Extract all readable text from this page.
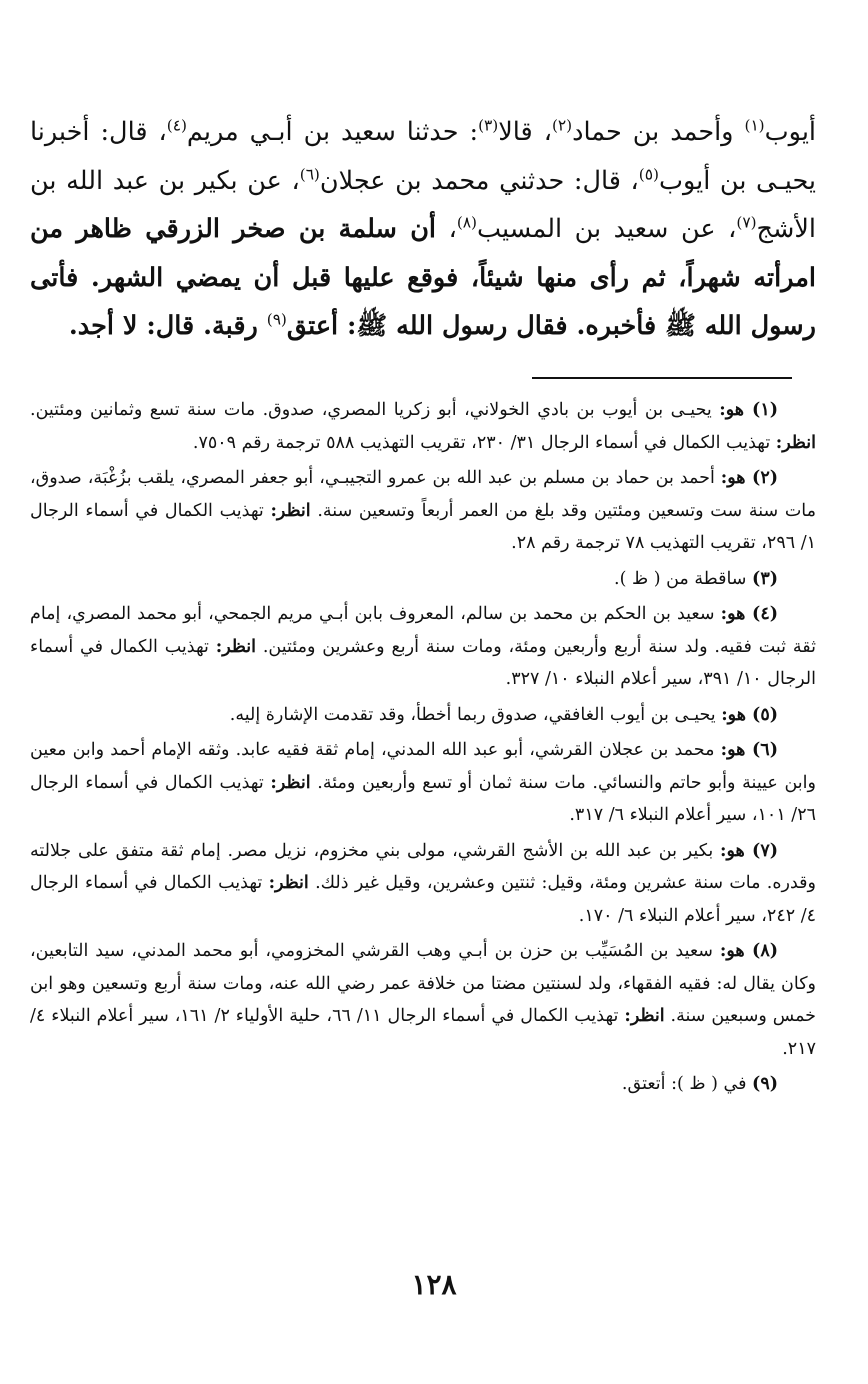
أيوب$^{(١)}$ وأحمد بن حماد$^{(٢)}$، قالا$^{(٣)}$: حدثنا سعيد بن أبـي مريم$^{(٤)}$، قال: أخبرنا يحيـى بن أيوب$^{(٥)}$، قال: حدثني محمد بن عجلان$^{(٦)}$، عن بكير بن عبد الله بن الأشج$^{(٧)}$، عن سعيد بن المسيب$^{(٨)}$، أن سلمة بن صخر الزرقي ظاهر من امرأته شهراً، ثم رأى منها شيئاً، فوقع عليها قبل أن يمضي الشهر. فأتى رسول الله ﷺ فأخبره. فقال رسول الله ﷺ: أعتق$^{(٩)}$ رقبة. قال: لا أجد.

(١) هو: يحيـى بن أيوب بن بادي الخولاني، أبو زكريا المصري، صدوق. مات سنة تسع وثمانين ومئتين. انظر: تهذيب الكمال في أسماء الرجال ٣١/ ٢٣٠، تقريب التهذيب ٥٨٨ ترجمة رقم ٧٥٠٩.

(٢) هو: أحمد بن حماد بن مسلم بن عبد الله بن عمرو التجيبـي، أبو جعفر المصري، يلقب بزُغْبَة، صدوق، مات سنة ست وتسعين ومئتين وقد بلغ من العمر أربعاً وتسعين سنة. انظر: تهذيب الكمال في أسماء الرجال ١/ ٢٩٦، تقريب التهذيب ٧٨ ترجمة رقم ٢٨.

(٣) ساقطة من ( ظ ).

(٤) هو: سعيد بن الحكم بن محمد بن سالم، المعروف بابن أبـي مريم الجمحي، أبو محمد المصري، إمام ثقة ثبت فقيه. ولد سنة أربع وأربعين ومئة، ومات سنة أربع وعشرين ومئتين. انظر: تهذيب الكمال في أسماء الرجال ١٠/ ٣٩١، سير أعلام النبلاء ١٠/ ٣٢٧.

(٥) هو: يحيـى بن أيوب الغافقي، صدوق ربما أخطأ، وقد تقدمت الإشارة إليه.

(٦) هو: محمد بن عجلان القرشي، أبو عبد الله المدني، إمام ثقة فقيه عابد. وثقه الإمام أحمد وابن معين وابن عيينة وأبو حاتم والنسائي. مات سنة ثمان أو تسع وأربعين ومئة. انظر: تهذيب الكمال في أسماء الرجال ٢٦/ ١٠١، سير أعلام النبلاء ٦/ ٣١٧.

(٧) هو: بكير بن عبد الله بن الأشج القرشي، مولى بني مخزوم، نزيل مصر. إمام ثقة متفق على جلالته وقدره. مات سنة عشرين ومئة، وقيل: ثنتين وعشرين، وقيل غير ذلك. انظر: تهذيب الكمال في أسماء الرجال ٤/ ٢٤٢، سير أعلام النبلاء ٦/ ١٧٠.

(٨) هو: سعيد بن المُسَيِّب بن حزن بن أبـي وهب القرشي المخزومي، أبو محمد المدني، سيد التابعين، وكان يقال له: فقيه الفقهاء، ولد لسنتين مضتا من خلافة عمر رضي الله عنه، ومات سنة أربع وتسعين وهو ابن خمس وسبعين سنة. انظر: تهذيب الكمال في أسماء الرجال ١١/ ٦٦، حلية الأولياء ٢/ ١٦١، سير أعلام النبلاء ٤/ ٢١٧.

(٩) في ( ظ ): أتعتق.

١٢٨
